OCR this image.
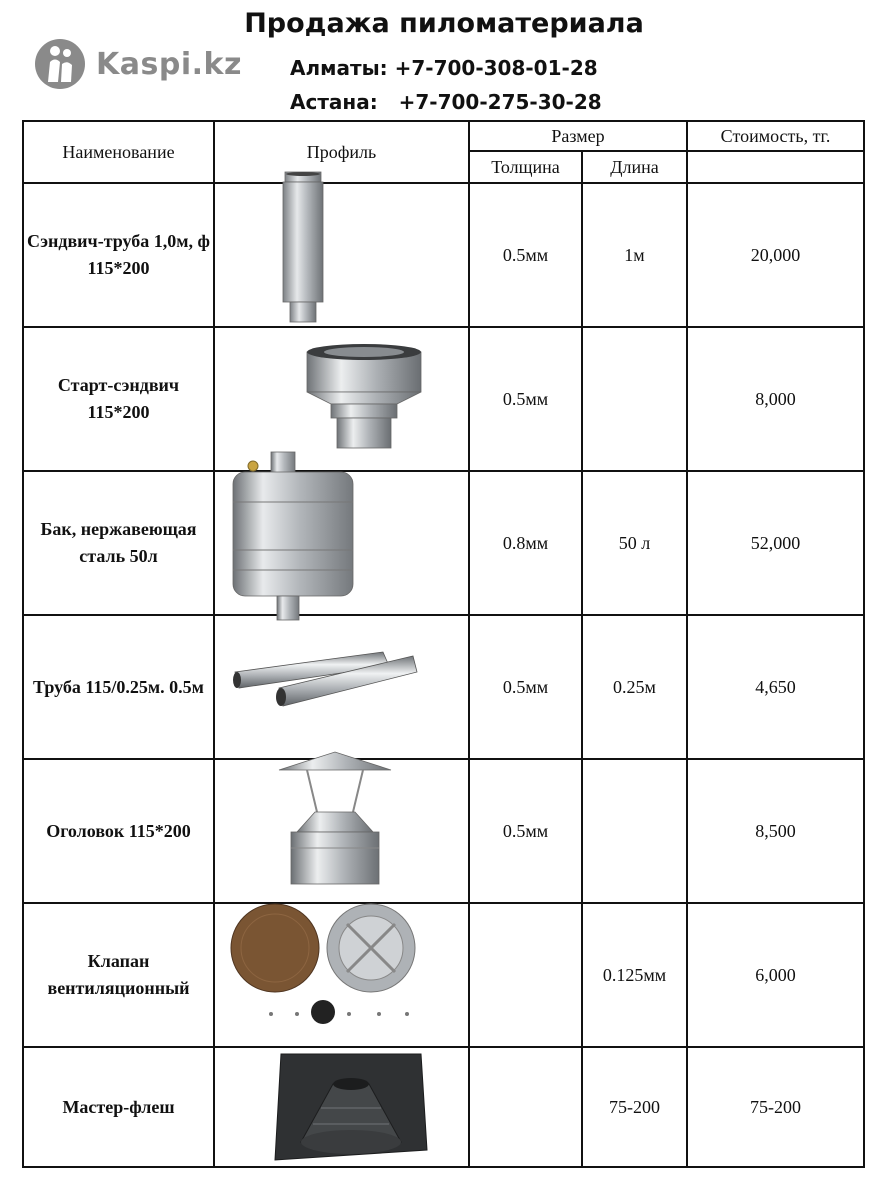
Kaspi.kz
Продажа пиломатериала
Алматы: +7-700-308-01-28
Астана:   +7-700-275-30-28
Наименование	Профиль	Размер		Стоимость, тг.
		Толщина	Длина	
Сэндвич-труба 1,0м, ф 115*200		0.5мм	1м	20,000
Старт-сэндвич 115*200		0.5мм		8,000
Бак, нержавеющая сталь 50л		0.8мм	50 л	52,000
Труба 115/0.25м. 0.5м		0.5мм	0.25м	4,650
Оголовок 115*200		0.5мм		8,500
Клапан вентиляционный			0.125мм	6,000
Мастер-флеш			75-200	75-200
